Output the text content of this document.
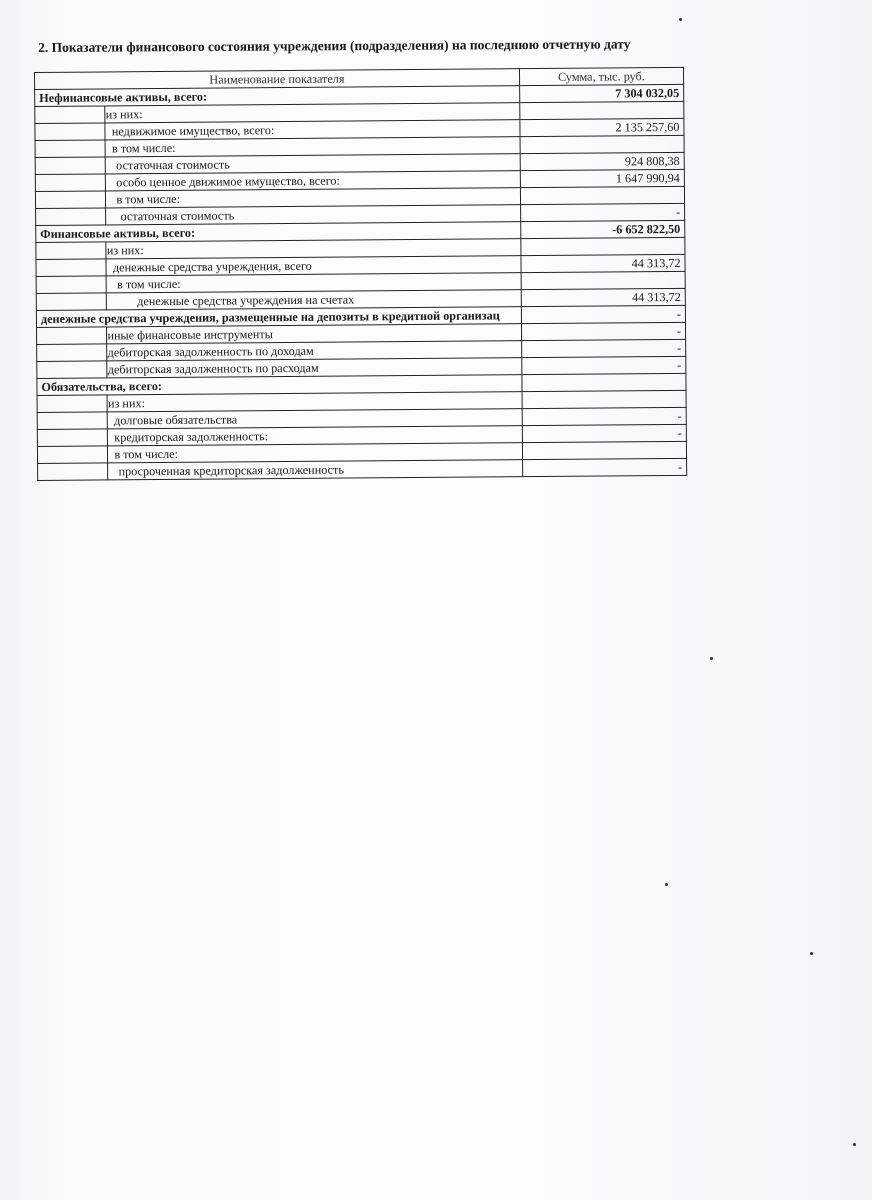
2. Показатели финансового состояния учреждения (подразделения) на последнюю отчетную дату
Наименование показателя		Сумма, тыс. руб.
Нефинансовые активы, всего:		7 304 032,05
	из них:	
	недвижимое имущество, всего:	2 135 257,60
	в том числе:	
	остаточная стоимость	924 808,38
	особо ценное движимое имущество, всего:	1 647 990,94
	в том числе:	
	остаточная стоимость	-
Финансовые активы, всего:		-6 652 822,50
	из них:	
	денежные средства учреждения, всего	44 313,72
	в том числе:	
	денежные средства учреждения на счетах	44 313,72
денежные средства учреждения, размещенные на депозиты в кредитной организац		-
	иные финансовые инструменты	-
	дебиторская задолженность по доходам	-
	дебиторская задолженность по расходам	-
Обязательства, всего:		
	из них:	
	долговые обязательства	-
	кредиторская задолженность:	-
	в том числе:	
	просроченная кредиторская задолженность	-
